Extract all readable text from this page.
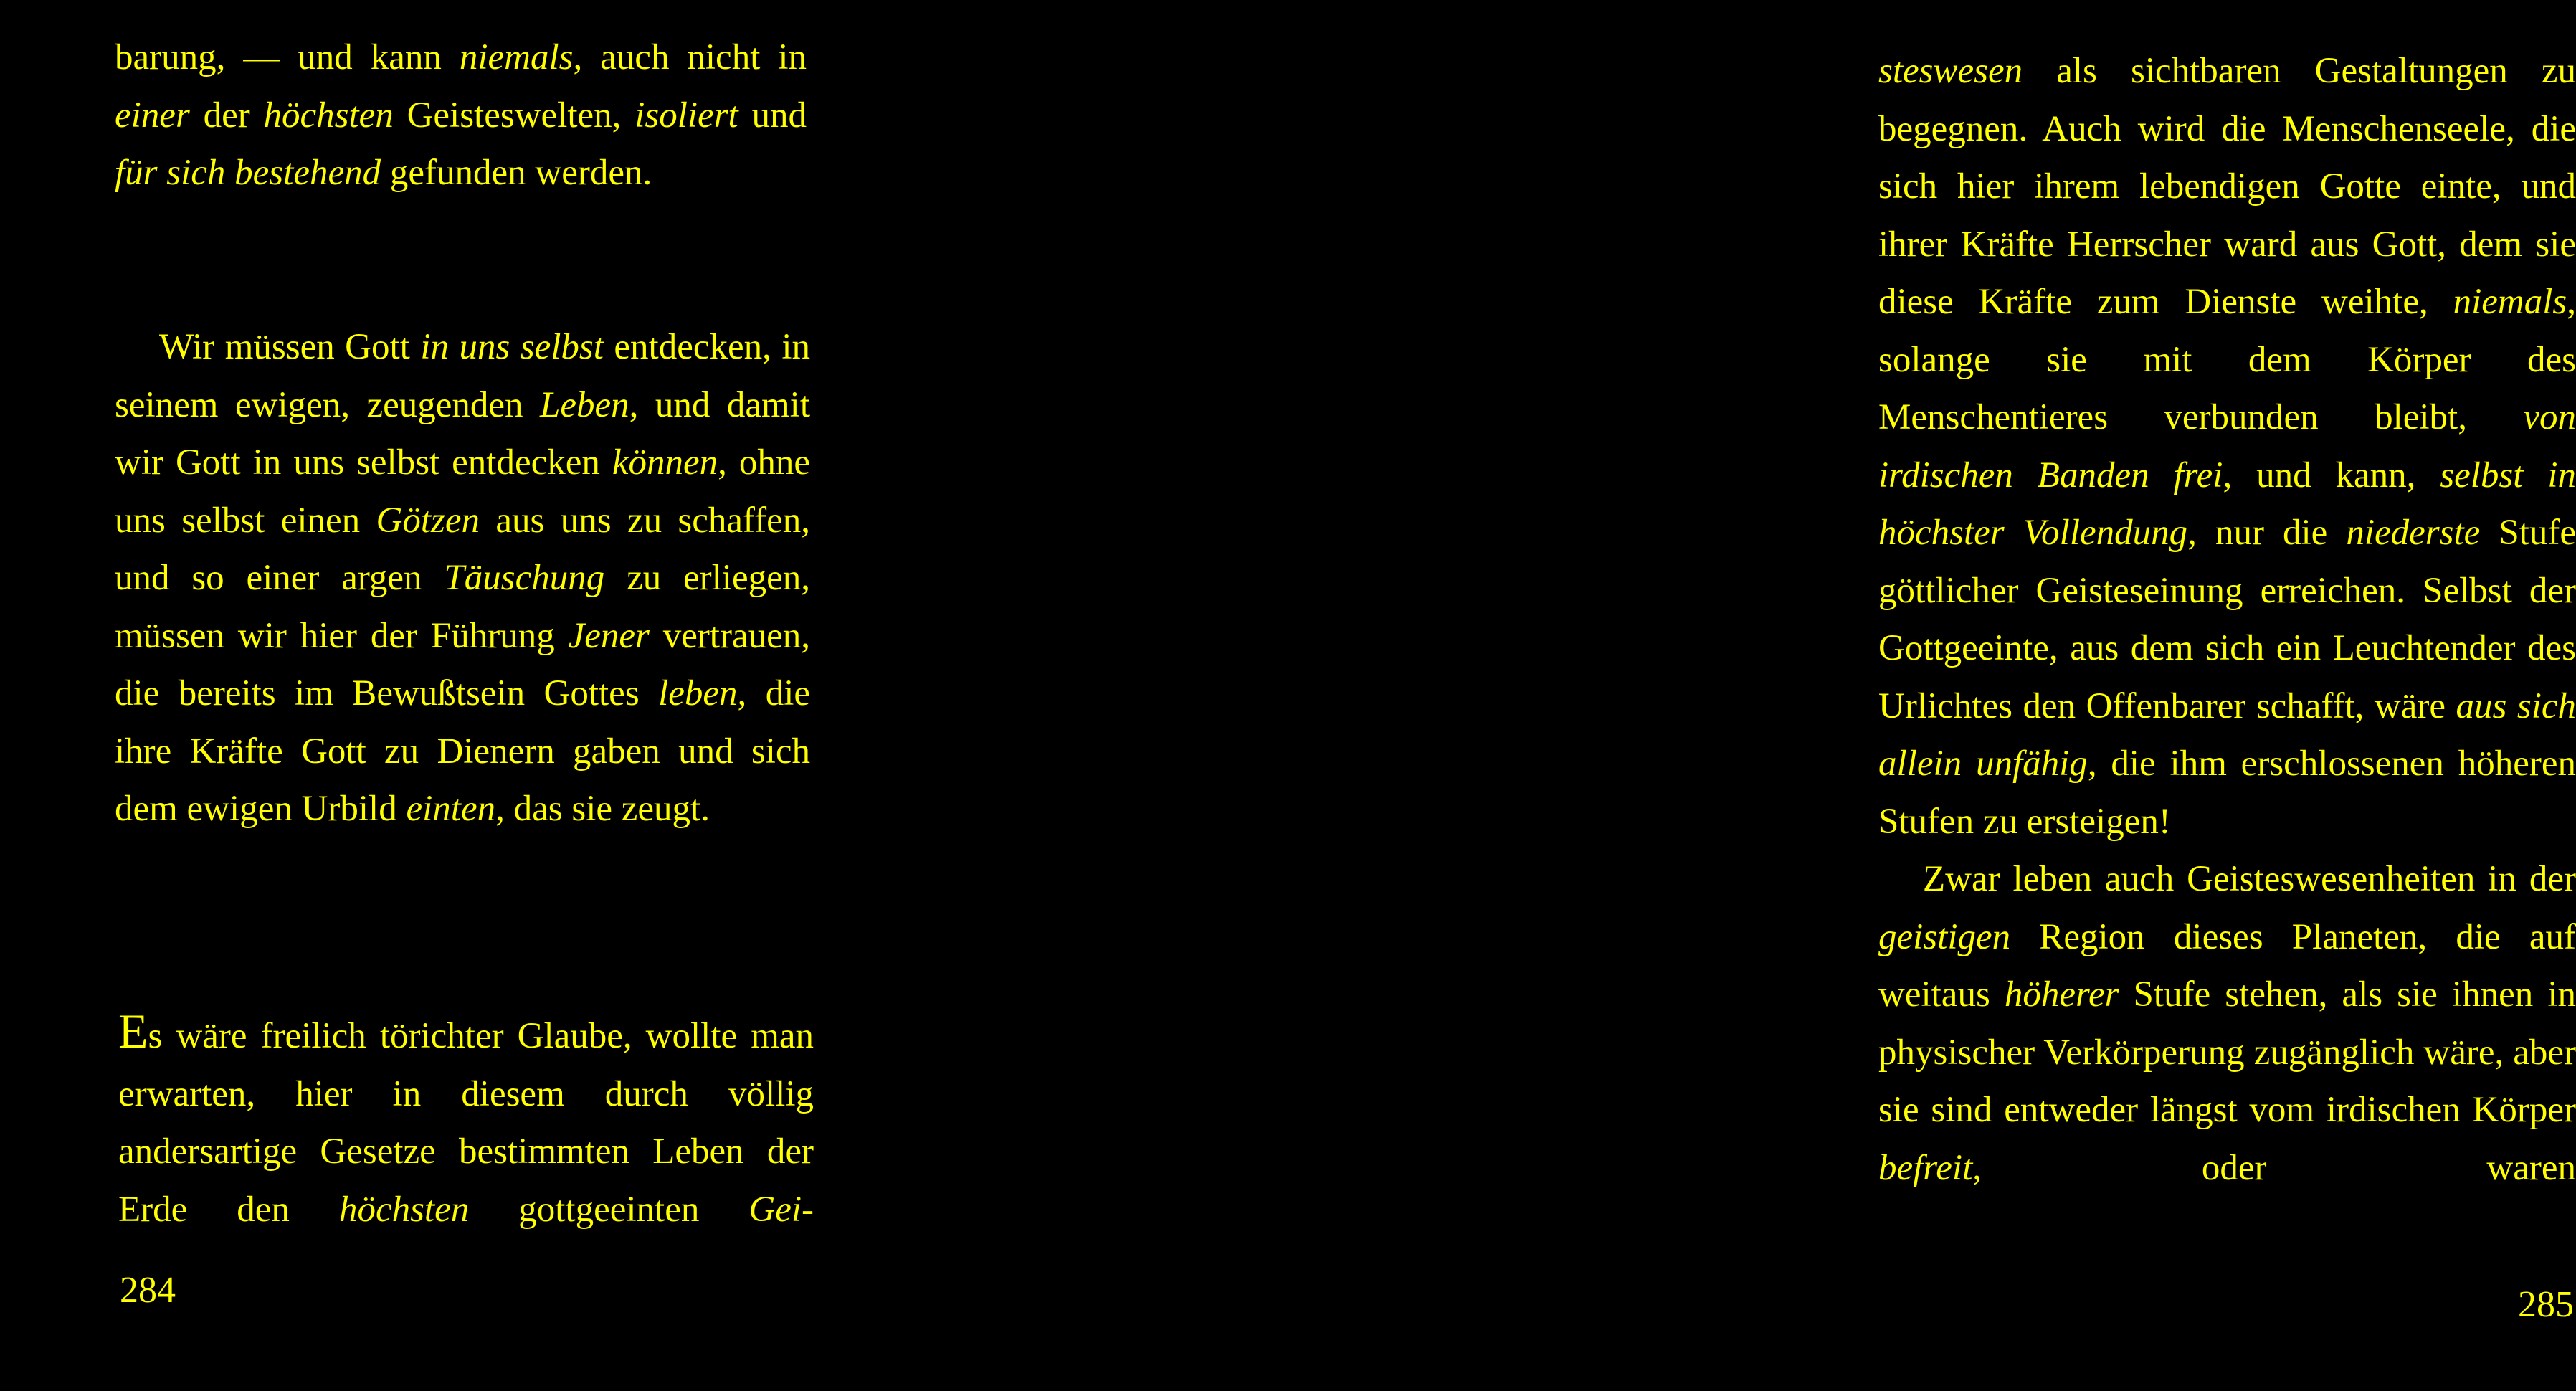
barung, — und kann niemals, auch nicht in einer der höchsten Geisteswelten, isoliert und für sich bestehend gefunden werden.

Wir müssen Gott in uns selbst entdecken, in seinem ewigen, zeugenden Leben, und damit wir Gott in uns selbst entdecken können, ohne uns selbst einen Götzen aus uns zu schaffen, und so einer argen Täuschung zu erliegen, müssen wir hier der Führung Jener vertrauen, die bereits im Bewußtsein Gottes leben, die ihre Kräfte Gott zu Dienern gaben und sich dem ewigen Urbild einten, das sie zeugt.

Es wäre freilich törichter Glaube, wollte man erwarten, hier in diesem durch völlig andersartige Gesetze bestimmten Leben der Erde den höchsten gottgeeinten Gei-

284

steswesen als sichtbaren Gestaltungen zu begegnen. Auch wird die Menschenseele, die sich hier ihrem lebendigen Gotte einte, und ihrer Kräfte Herrscher ward aus Gott, dem sie diese Kräfte zum Dienste weihte, niemals, solange sie mit dem Körper des Menschentieres verbunden bleibt, von irdischen Banden frei, und kann, selbst in höchster Vollendung, nur die niederste Stufe göttlicher Geisteseinung erreichen. Selbst der Gottgeeinte, aus dem sich ein Leuchtender des Urlichtes den Offenbarer schafft, wäre aus sich allein unfähig, die ihm erschlossenen höheren Stufen zu ersteigen!

Zwar leben auch Geisteswesenheiten in der geistigen Region dieses Planeten, die auf weitaus höherer Stufe stehen, als sie ihnen in physischer Verkörperung zugänglich wäre, aber sie sind entweder längst vom irdischen Körper befreit, oder waren

285
